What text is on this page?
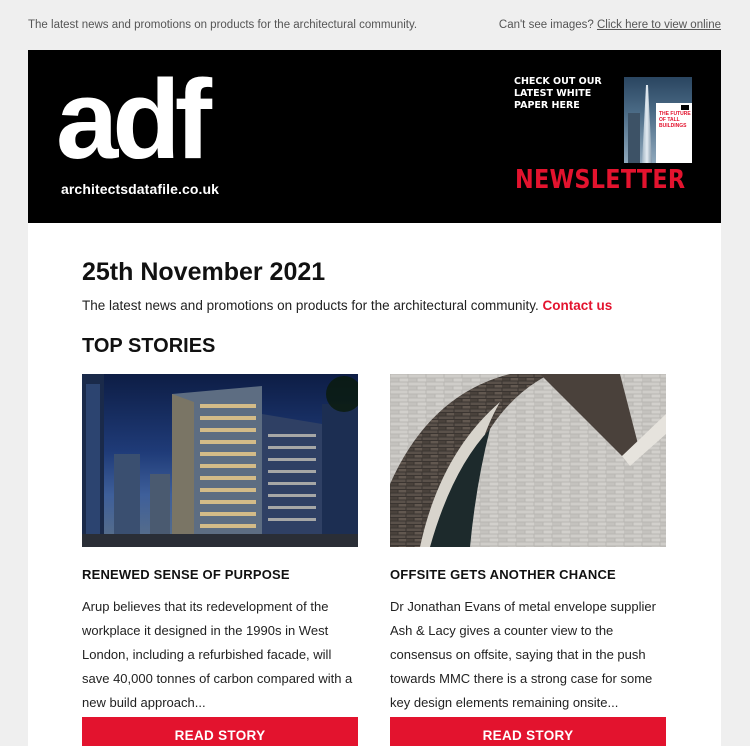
The latest news and promotions on products for the architectural community.	Can't see images? Click here to view online
adf
architectsdatafile.co.uk
CHECK OUT OUR LATEST WHITE PAPER HERE
THE FUTURE OF TALL BUILDINGS
NEWSLETTER
25th November 2021
The latest news and promotions on products for the architectural community. Contact us
TOP STORIES
RENEWED SENSE OF PURPOSE
Arup believes that its redevelopment of the workplace it designed in the 1990s in West London, including a refurbished facade, will save 40,000 tonnes of carbon compared with a new build approach...
READ STORY
OFFSITE GETS ANOTHER CHANCE
Dr Jonathan Evans of metal envelope supplier Ash & Lacy gives a counter view to the consensus on offsite, saying that in the push towards MMC there is a strong case for some key design elements remaining onsite...
READ STORY
